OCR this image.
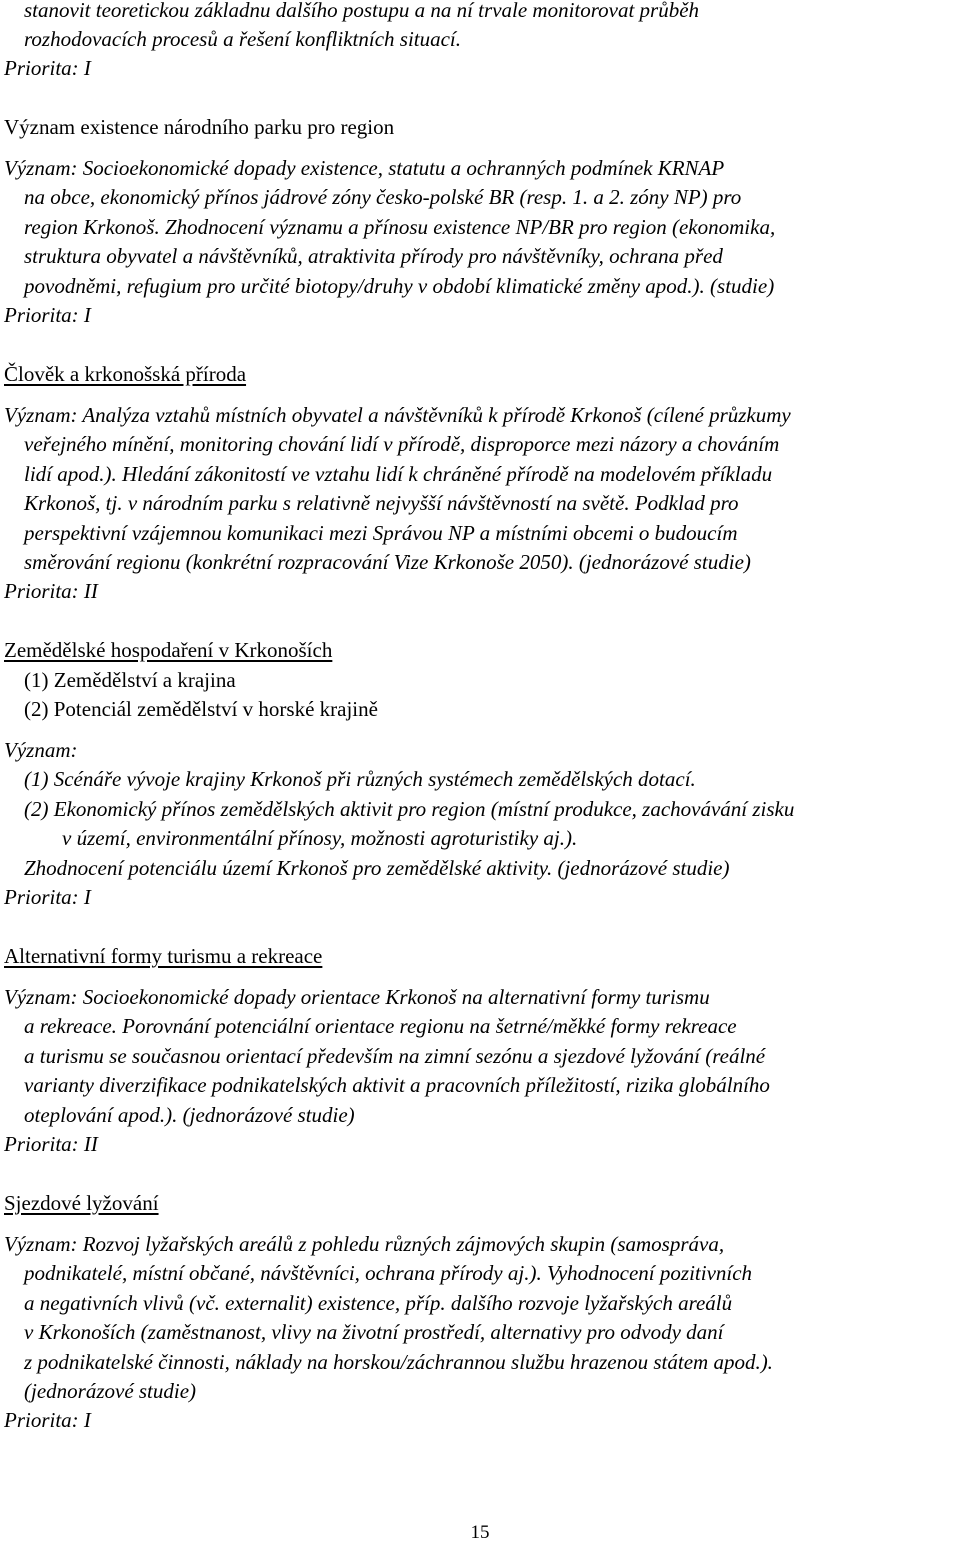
stanovit teoretickou základnu dalšího postupu a na ní trvale monitorovat průběh
rozhodovacích procesů a řešení konfliktních situací.
Priorita: I
Význam existence národního parku pro region
Význam: Socioekonomické dopady existence, statutu a ochranných podmínek KRNAP
na obce, ekonomický přínos jádrové zóny česko-polské BR (resp. 1. a 2. zóny NP) pro
region Krkonoš. Zhodnocení významu a přínosu existence NP/BR pro region (ekonomika,
struktura obyvatel a návštěvníků, atraktivita přírody pro návštěvníky, ochrana před
povodněmi, refugium pro určité biotopy/druhy v období klimatické změny apod.). (studie)
Priorita: I
Člověk a krkonošská příroda
Význam: Analýza vztahů místních obyvatel a návštěvníků k přírodě Krkonoš (cílené průzkumy
veřejného mínění, monitoring chování lidí v přírodě, disproporce mezi názory a chováním
lidí apod.). Hledání zákonitostí ve vztahu lidí k chráněné přírodě na modelovém příkladu
Krkonoš, tj. v národním parku s relativně nejvyšší návštěvností na světě. Podklad pro
perspektivní vzájemnou komunikaci mezi Správou NP a místními obcemi o budoucím
směrování regionu (konkrétní rozpracování Vize Krkonoše 2050). (jednorázové studie)
Priorita: II
Zemědělské hospodaření v Krkonoších
(1) Zemědělství a krajina
(2) Potenciál zemědělství v horské krajině
Význam:
(1) Scénáře vývoje krajiny Krkonoš při různých systémech zemědělských dotací.
(2) Ekonomický přínos zemědělských aktivit pro region (místní produkce, zachovávání zisku
v území, environmentální přínosy, možnosti agroturistiky aj.).
Zhodnocení potenciálu území Krkonoš pro zemědělské aktivity. (jednorázové studie)
Priorita: I
Alternativní formy turismu a rekreace
Význam: Socioekonomické dopady orientace Krkonoš na alternativní formy turismu
a rekreace. Porovnání potenciální orientace regionu na šetrné/měkké formy rekreace
a turismu se současnou orientací především na zimní sezónu a sjezdové lyžování (reálné
varianty diverzifikace podnikatelských aktivit a pracovních příležitostí, rizika globálního
oteplování apod.). (jednorázové studie)
Priorita: II
Sjezdové lyžování
Význam: Rozvoj lyžařských areálů z pohledu různých zájmových skupin (samospráva,
podnikatelé, místní občané, návštěvníci, ochrana přírody aj.). Vyhodnocení pozitivních
a negativních vlivů (vč. externalit) existence, příp. dalšího rozvoje lyžařských areálů
v Krkonoších (zaměstnanost, vlivy na životní prostředí, alternativy pro odvody daní
z podnikatelské činnosti, náklady na horskou/záchrannou službu hrazenou státem apod.).
(jednorázové studie)
Priorita: I
15
